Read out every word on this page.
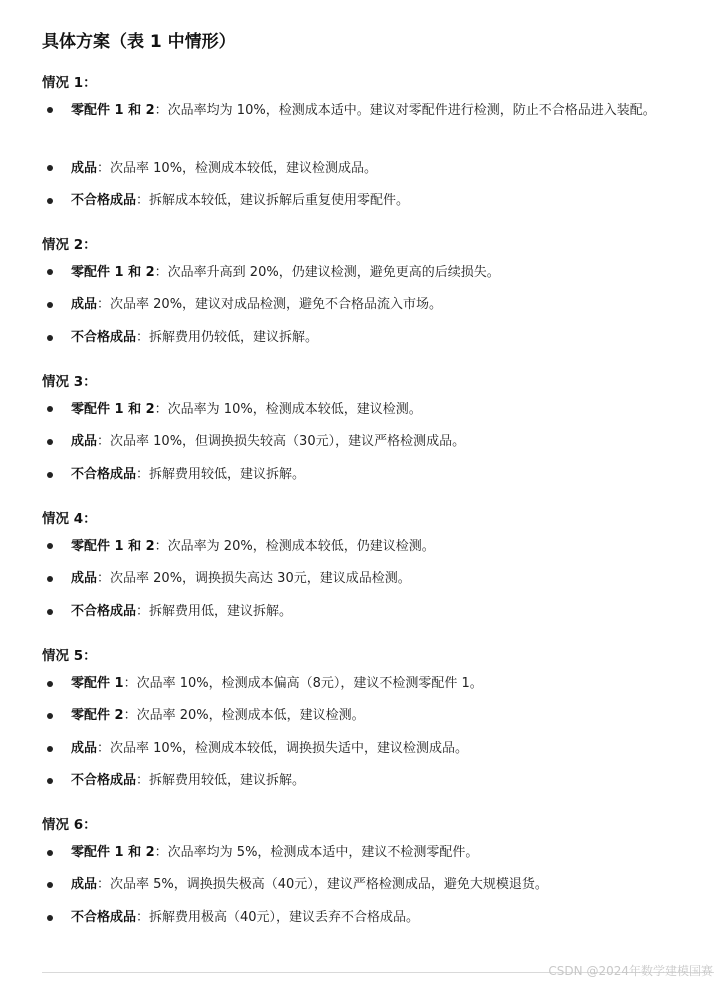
具体方案（表 1 中情形）
情况 1：
零配件 1 和 2：次品率均为 10%，检测成本适中。建议对零配件进行检测，防止不合格品进入装配。
成品：次品率 10%，检测成本较低，建议检测成品。
不合格成品：拆解成本较低，建议拆解后重复使用零配件。
情况 2：
零配件 1 和 2：次品率升高到 20%，仍建议检测，避免更高的后续损失。
成品：次品率 20%，建议对成品检测，避免不合格品流入市场。
不合格成品：拆解费用仍较低，建议拆解。
情况 3：
零配件 1 和 2：次品率为 10%，检测成本较低，建议检测。
成品：次品率 10%，但调换损失较高（30元），建议严格检测成品。
不合格成品：拆解费用较低，建议拆解。
情况 4：
零配件 1 和 2：次品率为 20%，检测成本较低，仍建议检测。
成品：次品率 20%，调换损失高达 30元，建议成品检测。
不合格成品：拆解费用低，建议拆解。
情况 5：
零配件 1：次品率 10%，检测成本偏高（8元），建议不检测零配件 1。
零配件 2：次品率 20%，检测成本低，建议检测。
成品：次品率 10%，检测成本较低，调换损失适中，建议检测成品。
不合格成品：拆解费用较低，建议拆解。
情况 6：
零配件 1 和 2：次品率均为 5%，检测成本适中，建议不检测零配件。
成品：次品率 5%，调换损失极高（40元），建议严格检测成品，避免大规模退货。
不合格成品：拆解费用极高（40元），建议丢弃不合格成品。
CSDN @2024年数学建模国赛
